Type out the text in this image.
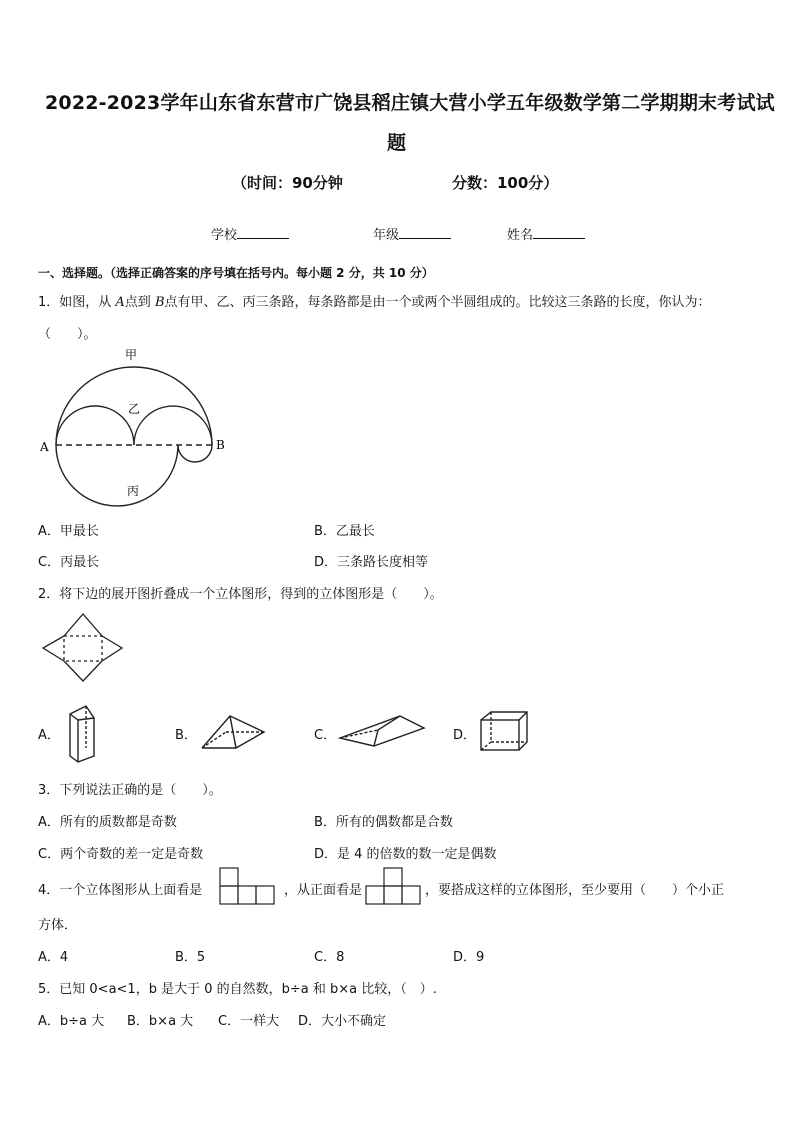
2022-2023学年山东省东营市广饶县稻庄镇大营小学五年级数学第二学期期末考试试
题
（时间：90分钟	分数：100分）
学校	年级	姓名
一、选择题。（选择正确答案的序号填在括号内。每小题 2 分，共 10 分）
1．如图，从 A点到 B点有甲、乙、丙三条路，每条路都是由一个或两个半圆组成的。比较这三条路的长度，你认为：
（　　）。
甲
乙
丙
A	B
A．甲最长	B．乙最长
C．丙最长	D．三条路长度相等
2．将下边的展开图折叠成一个立体图形，得到的立体图形是（　　）。
A．	B．	C．	D．
3．下列说法正确的是（　　）。
A．所有的质数都是奇数	B．所有的偶数都是合数
C．两个奇数的差一定是奇数	D．是 4 的倍数的数一定是偶数
4．一个立体图形从上面看是	，从正面看是	，要搭成这样的立体图形，至少要用（　　）个小正
方体．
A．4	B．5	C．8	D．9
5．已知 0<a<1，b 是大于 0 的自然数，b÷a 和 b×a 比较，（　）.
A．b÷a 大 B．b×a 大 C．一样大 D．大小不确定
